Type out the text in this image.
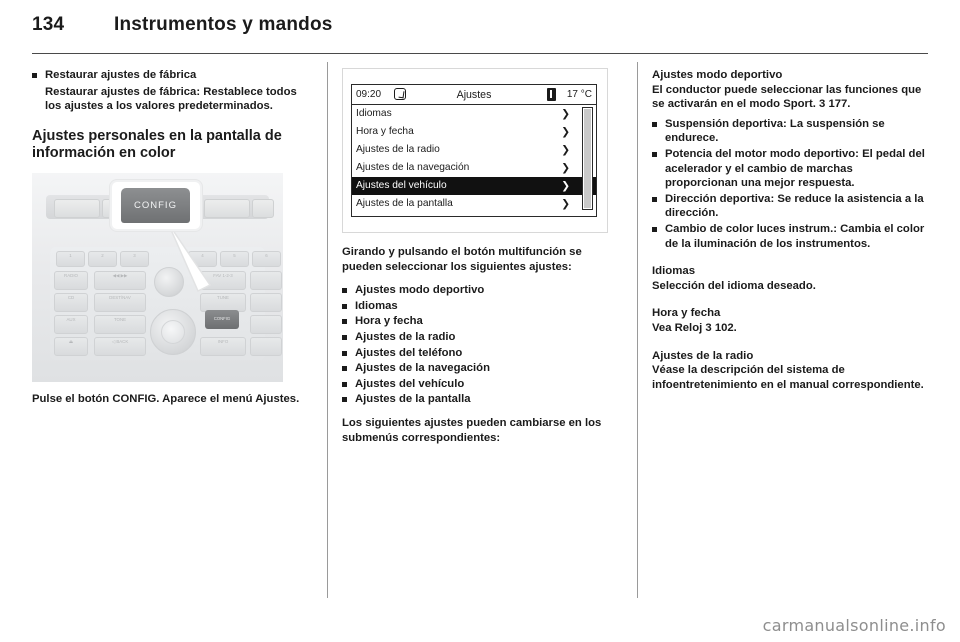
134	Instrumentos y mandos
Restaurar ajustes de fábrica

Restaurar ajustes de fábrica: Restablece todos los ajustes a los valores predeterminados.

Ajustes personales en la pantalla de información en color
1	2	3	4	5	6
RADIO
CD
AUX
⏏
◀◀ ▶▶
DEST/NAV
TONE
◁ BACK
FAV 1-2-3
TUNE
INFO
CONFIG
CONFIG

Pulse el botón CONFIG. Aparece el menú Ajustes.

09:20	Ajustes	17 °C
Idiomas	❯
Hora y fecha	❯
Ajustes de la radio	❯
Ajustes de la navegación	❯
Ajustes del vehículo	❯
Ajustes de la pantalla	❯

Girando y pulsando el botón multifunción se pueden seleccionar los siguientes ajustes:

Ajustes modo deportivo
Idiomas
Hora y fecha
Ajustes de la radio
Ajustes del teléfono
Ajustes de la navegación
Ajustes del vehículo
Ajustes de la pantalla

Los siguientes ajustes pueden cambiarse en los submenús correspondientes:

Ajustes modo deportivo

El conductor puede seleccionar las funciones que se activarán en el modo Sport. 3 177.

Suspensión deportiva: La suspensión se endurece.
Potencia del motor modo deportivo: El pedal del acelerador y el cambio de marchas proporcionan una mejor respuesta.
Dirección deportiva: Se reduce la asistencia a la dirección.
Cambio de color luces instrum.: Cambia el color de la iluminación de los instrumentos.
Idiomas

Selección del idioma deseado.

Hora y fecha

Vea Reloj 3 102.

Ajustes de la radio

Véase la descripción del sistema de infoentretenimiento en el manual correspondiente.

carmanualsonline.info
